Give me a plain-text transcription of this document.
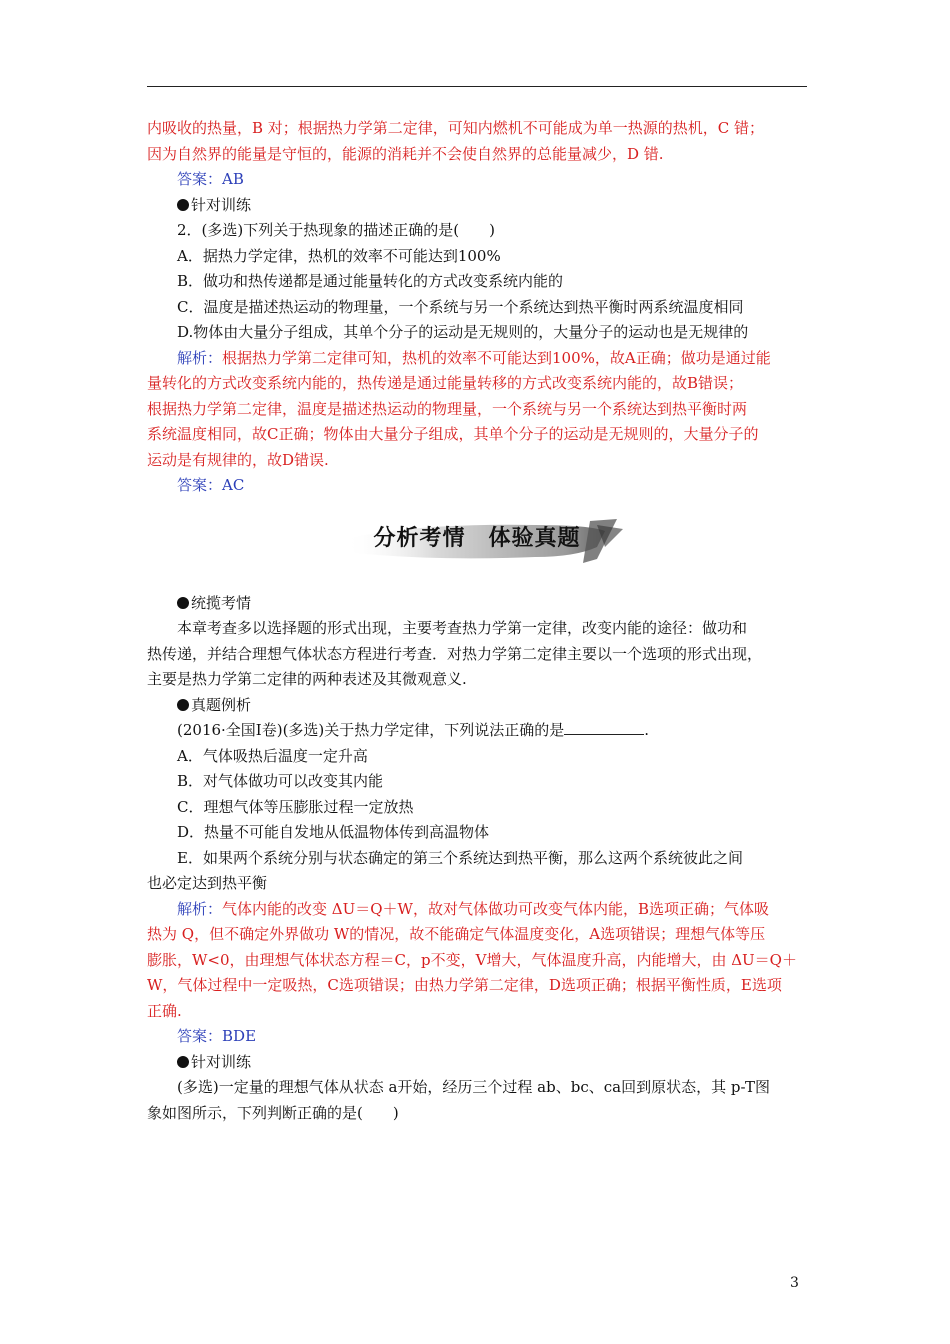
内吸收的热量，B 对；根据热力学第二定律，可知内燃机不可能成为单一热源的热机，C 错；

因为自然界的能量是守恒的，能源的消耗并不会使自然界的总能量减少，D 错.

答案：AB

针对训练

2．(多选)下列关于热现象的描述正确的是(　　)

A．据热力学定律，热机的效率不可能达到100%

B．做功和热传递都是通过能量转化的方式改变系统内能的

C．温度是描述热运动的物理量，一个系统与另一个系统达到热平衡时两系统温度相同

D.物体由大量分子组成，其单个分子的运动是无规则的，大量分子的运动也是无规律的

解析：根据热力学第二定律可知，热机的效率不可能达到100%，故A正确；做功是通过能

量转化的方式改变系统内能的，热传递是通过能量转移的方式改变系统内能的，故B错误；

根据热力学第二定律，温度是描述热运动的物理量，一个系统与另一个系统达到热平衡时两

系统温度相同，故C正确；物体由大量分子组成，其单个分子的运动是无规则的，大量分子的

运动是有规律的，故D错误.

答案：AC

分析考情　体验真题

统揽考情

本章考查多以选择题的形式出现，主要考查热力学第一定律，改变内能的途径：做功和

热传递，并结合理想气体状态方程进行考查．对热力学第二定律主要以一个选项的形式出现，

主要是热力学第二定律的两种表述及其微观意义.

真题例析

(2016·全国Ⅰ卷)(多选)关于热力学定律，下列说法正确的是	.

A．气体吸热后温度一定升高

B．对气体做功可以改变其内能

C．理想气体等压膨胀过程一定放热

D．热量不可能自发地从低温物体传到高温物体

E．如果两个系统分别与状态确定的第三个系统达到热平衡，那么这两个系统彼此之间

也必定达到热平衡

解析：气体内能的改变 ΔU＝Q＋W，故对气体做功可改变气体内能，B选项正确；气体吸

热为 Q，但不确定外界做功 W的情况，故不能确定气体温度变化，A选项错误；理想气体等压

膨胀，W<0，由理想气体状态方程＝C，p不变，V增大，气体温度升高，内能增大，由 ΔU＝Q＋

W，气体过程中一定吸热，C选项错误；由热力学第二定律，D选项正确；根据平衡性质，E选项

正确.

答案：BDE

针对训练

(多选)一定量的理想气体从状态 a开始，经历三个过程 ab、bc、ca回到原状态，其 p-T图

象如图所示，下列判断正确的是(　　)

3
